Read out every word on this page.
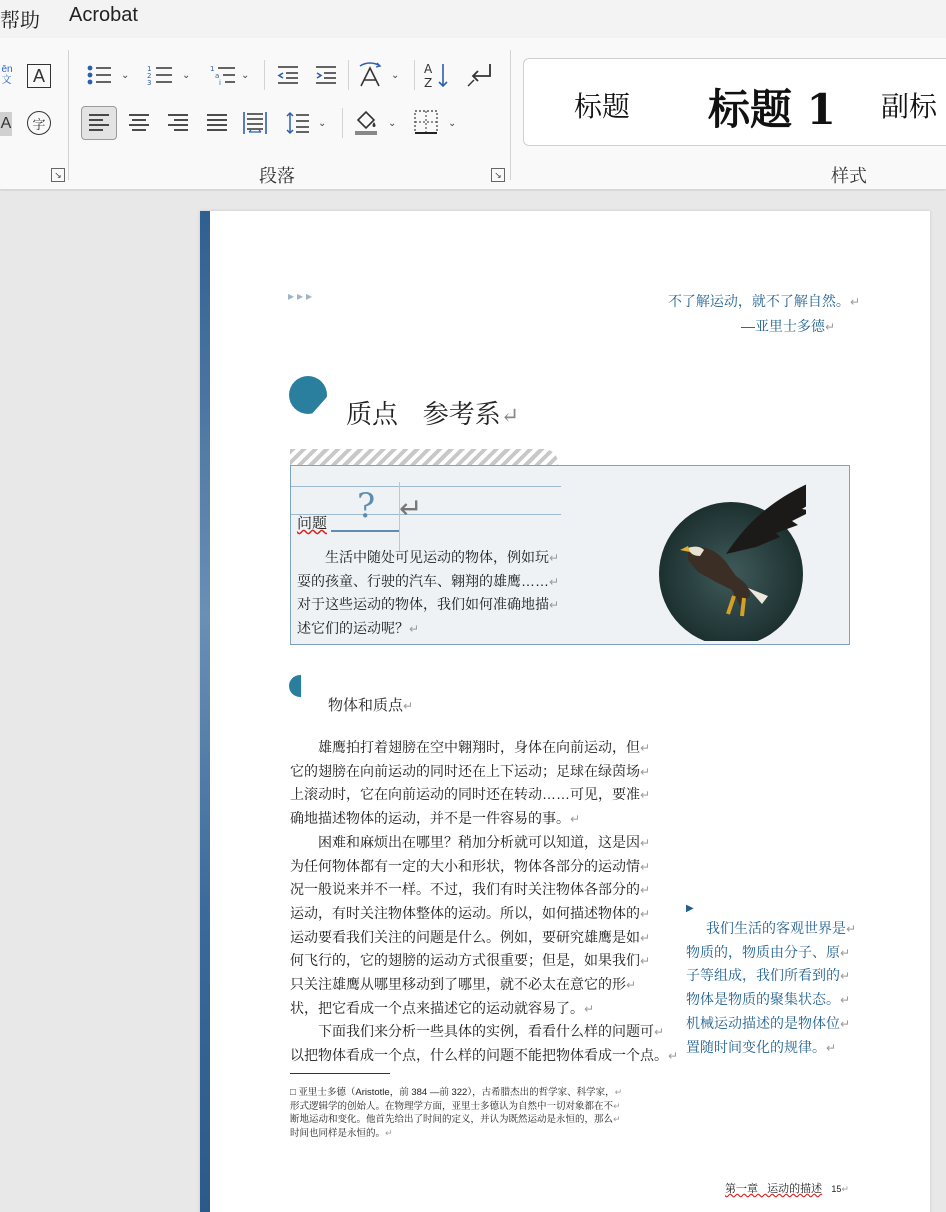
帮助 Acrobat
ēn
文	A
A	字
↘
⌄
1
2
3
⌄
1
a
i
⌄	⌄ A
Z
⌄	⌄	⌄
段落	↘
标题 标题 1 副标
样式
▸▸▸	不了解运动，就不了解自然。↵
—亚里士多德↵
质点   参考系↵
问题 ? ↵
生活中随处可见运动的物体，例如玩↵
耍的孩童、行驶的汽车、翱翔的雄鹰……↵
对于这些运动的物体，我们如何准确地描↵
述它们的运动呢？↵
物体和质点↵
雄鹰拍打着翅膀在空中翱翔时，身体在向前运动，但↵
它的翅膀在向前运动的同时还在上下运动；足球在绿茵场↵
上滚动时，它在向前运动的同时还在转动……可见，要准↵
确地描述物体的运动，并不是一件容易的事。↵
困难和麻烦出在哪里？稍加分析就可以知道，这是因↵
为任何物体都有一定的大小和形状，物体各部分的运动情↵
况一般说来并不一样。不过，我们有时关注物体各部分的↵
运动，有时关注物体整体的运动。所以，如何描述物体的↵
运动要看我们关注的问题是什么。例如，要研究雄鹰是如↵
何飞行的，它的翅膀的运动方式很重要；但是，如果我们↵
只关注雄鹰从哪里移动到了哪里，就不必太在意它的形↵
状，把它看成一个点来描述它的运动就容易了。↵
下面我们来分析一些具体的实例，看看什么样的问题可↵
以把物体看成一个点，什么样的问题不能把物体看成一个点。↵
▶
我们生活的客观世界是↵
物质的，物质由分子、原↵
子等组成，我们所看到的↵
物体是物质的聚集状态。↵
机械运动描述的是物体位↵
置随时间变化的规律。↵
□ 亚里士多德（Aristotle，前 384 —前 322），古希腊杰出的哲学家、科学家，↵
形式逻辑学的创始人。在物理学方面，亚里士多德认为自然中一切对象都在不↵
断地运动和变化。他首先给出了时间的定义，并认为既然运动是永恒的，那么↵
时间也同样是永恒的。↵
第一章   运动的描述 15↵
